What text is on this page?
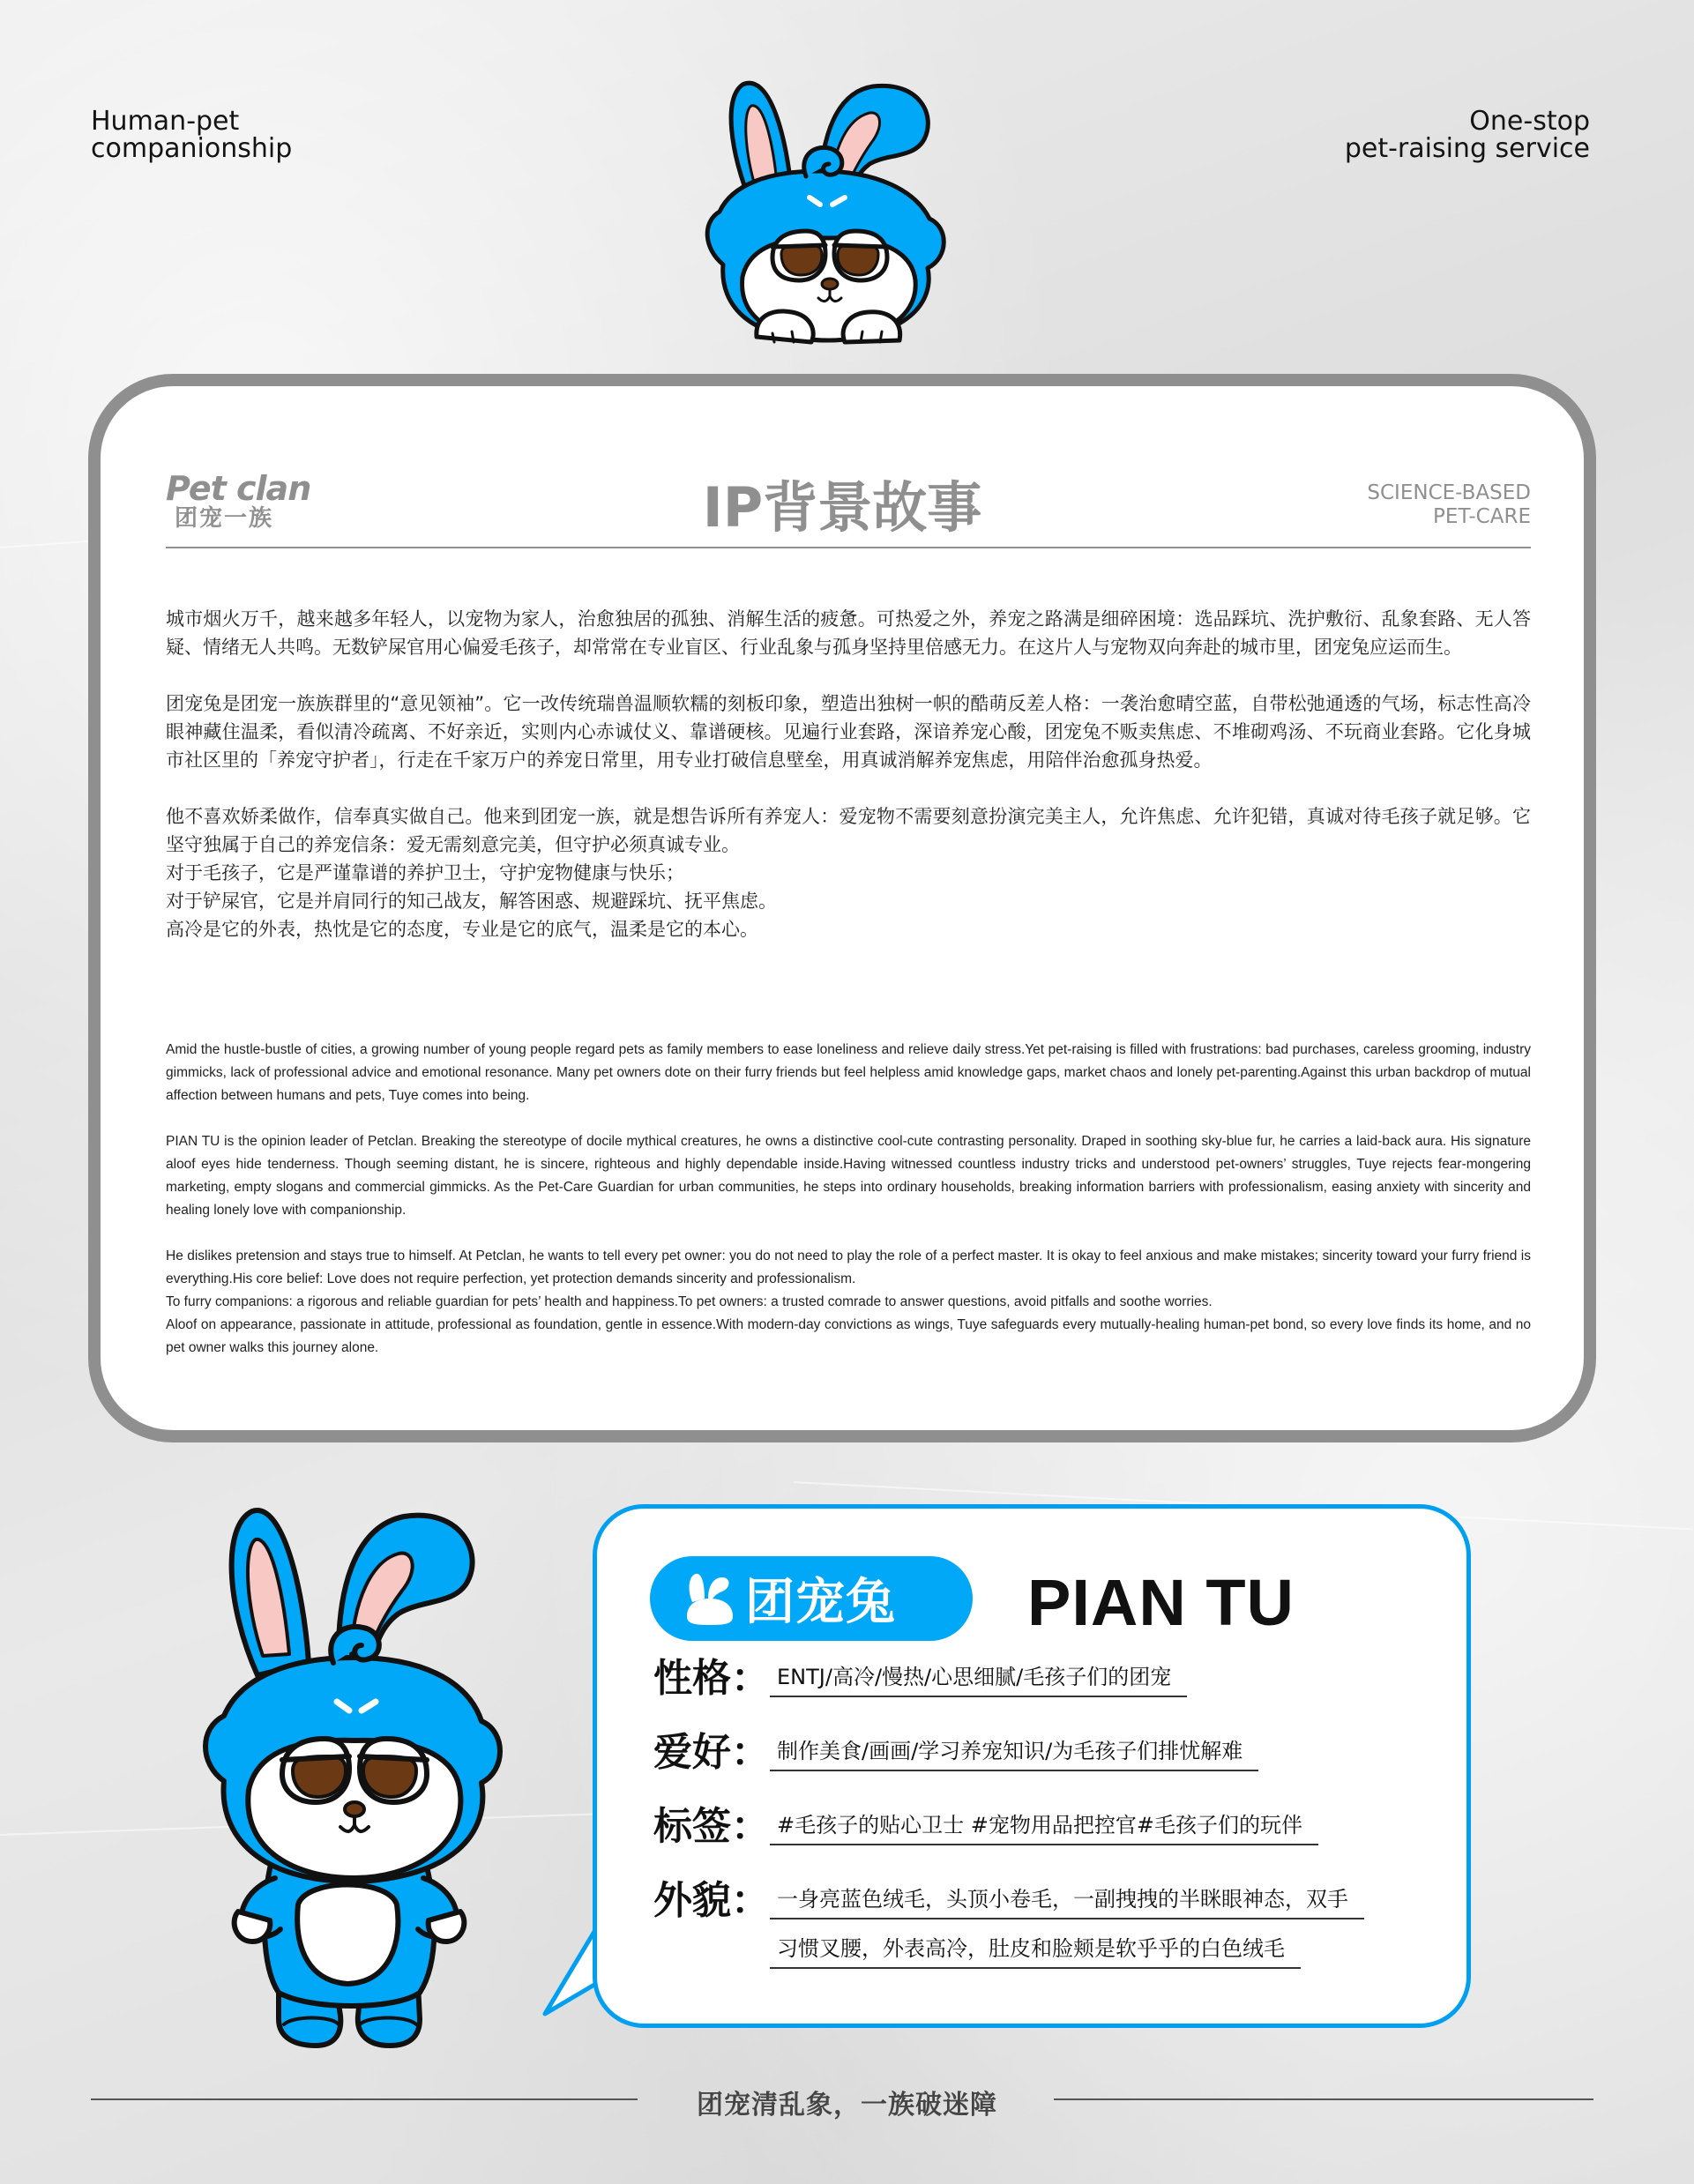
Human-pet
companionship
One-stop
pet-raising service
Pet clan
团宠一族	IP背景故事	SCIENCE-BASED
PET-CARE

城市烟火万千，越来越多年轻人，以宠物为家人，治愈独居的孤独、消解生活的疲惫。可热爱之外，养宠之路满是细碎困境：选品踩坑、洗护敷衍、乱象套路、无人答疑、情绪无人共鸣。无数铲屎官用心偏爱毛孩子，却常常在专业盲区、行业乱象与孤身坚持里倍感无力。在这片人与宠物双向奔赴的城市里，团宠兔应运而生。

团宠兔是团宠一族族群里的“意见领袖”。它一改传统瑞兽温顺软糯的刻板印象，塑造出独树一帜的酷萌反差人格：一袭治愈晴空蓝，自带松弛通透的气场，标志性高冷眼神藏住温柔，看似清冷疏离、不好亲近，实则内心赤诚仗义、靠谱硬核。见遍行业套路，深谙养宠心酸，团宠兔不贩卖焦虑、不堆砌鸡汤、不玩商业套路。它化身城市社区里的「养宠守护者」，行走在千家万户的养宠日常里，用专业打破信息壁垒，用真诚消解养宠焦虑，用陪伴治愈孤身热爱。

他不喜欢娇柔做作，信奉真实做自己。他来到团宠一族，就是想告诉所有养宠人：爱宠物不需要刻意扮演完美主人，允许焦虑、允许犯错，真诚对待毛孩子就足够。它坚守独属于自己的养宠信条：爱无需刻意完美，但守护必须真诚专业。

对于毛孩子，它是严谨靠谱的养护卫士，守护宠物健康与快乐；

对于铲屎官，它是并肩同行的知己战友，解答困惑、规避踩坑、抚平焦虑。

高冷是它的外表，热忱是它的态度，专业是它的底气，温柔是它的本心。

Amid the hustle-bustle of cities, a growing number of young people regard pets as family members to ease loneliness and relieve daily stress.Yet pet-raising is filled with frustrations: bad purchases, careless grooming, industry gimmicks, lack of professional advice and emotional resonance. Many pet owners dote on their furry friends but feel helpless amid knowledge gaps, market chaos and lonely pet-parenting.Against this urban backdrop of mutual affection between humans and pets, Tuye comes into being.

PIAN TU is the opinion leader of Petclan. Breaking the stereotype of docile mythical creatures, he owns a distinctive cool-cute contrasting personality. Draped in soothing sky-blue fur, he carries a laid-back aura. His signature aloof eyes hide tenderness. Though seeming distant, he is sincere, righteous and highly dependable inside.Having witnessed countless industry tricks and understood pet-owners’ struggles, Tuye rejects fear-mongering marketing, empty slogans and commercial gimmicks. As the Pet-Care Guardian for urban communities, he steps into ordinary households, breaking information barriers with professionalism, easing anxiety with sincerity and healing lonely love with companionship.

He dislikes pretension and stays true to himself. At Petclan, he wants to tell every pet owner: you do not need to play the role of a perfect master. It is okay to feel anxious and make mistakes; sincerity toward your furry friend is everything.His core belief: Love does not require perfection, yet protection demands sincerity and professionalism.

To furry companions: a rigorous and reliable guardian for pets’ health and happiness.To pet owners: a trusted comrade to answer questions, avoid pitfalls and soothe worries.

Aloof on appearance, passionate in attitude, professional as foundation, gentle in essence.With modern-day convictions as wings, Tuye safeguards every mutually-healing human-pet bond, so every love finds its home, and no pet owner walks this journey alone.

团宠兔 PIAN TU
性格： ENTJ/高冷/慢热/心思细腻/毛孩子们的团宠
爱好： 制作美食/画画/学习养宠知识/为毛孩子们排忧解难
标签： #毛孩子的贴心卫士 #宠物用品把控官#毛孩子们的玩伴
外貌： 一身亮蓝色绒毛，头顶小卷毛，一副拽拽的半眯眼神态，双手
习惯叉腰，外表高冷，肚皮和脸颊是软乎乎的白色绒毛
团宠清乱象，一族破迷障
